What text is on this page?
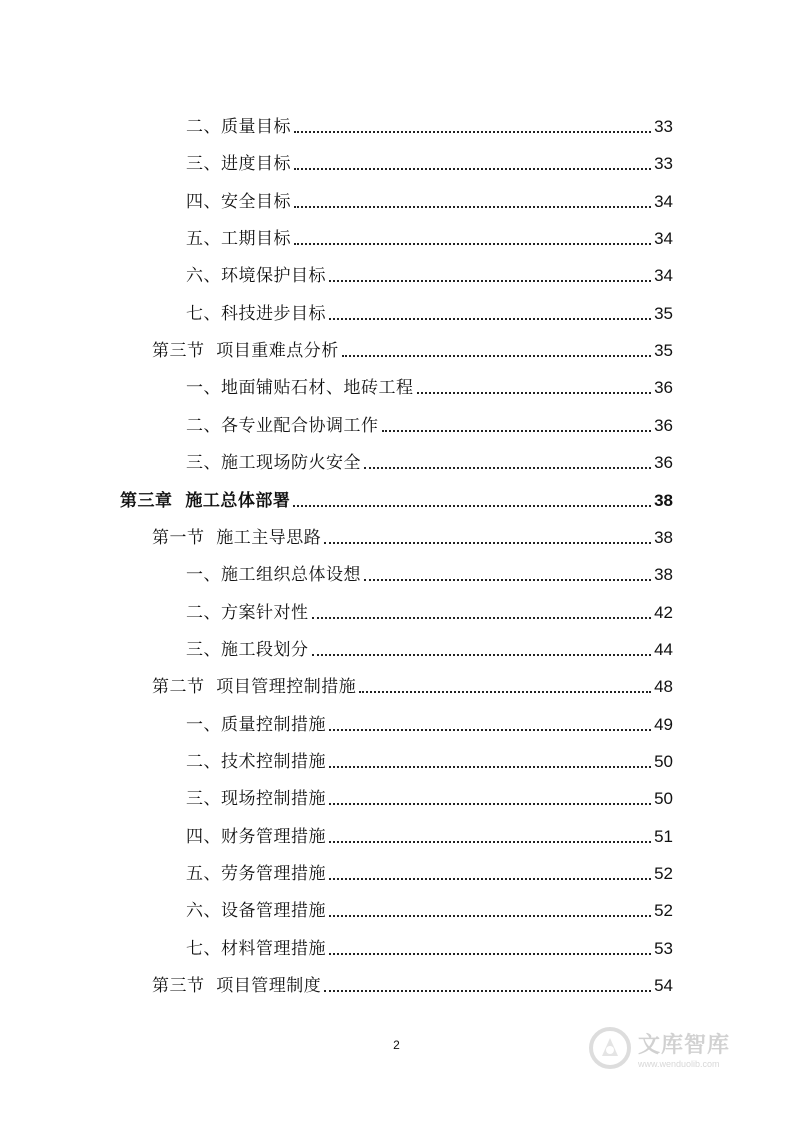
二、质量目标	33
三、进度目标	33
四、安全目标	34
五、工期目标	34
六、环境保护目标	34
七、科技进步目标	35
第三节  项目重难点分析	35
一、地面铺贴石材、地砖工程	36
二、各专业配合协调工作	36
三、施工现场防火安全	36
第三章  施工总体部署	38
第一节  施工主导思路	38
一、施工组织总体设想	38
二、方案针对性	42
三、施工段划分	44
第二节  项目管理控制措施	48
一、质量控制措施	49
二、技术控制措施	50
三、现场控制措施	50
四、财务管理措施	51
五、劳务管理措施	52
六、设备管理措施	52
七、材料管理措施	53
第三节  项目管理制度	54
2	文库智库
www.wenduolib.com
